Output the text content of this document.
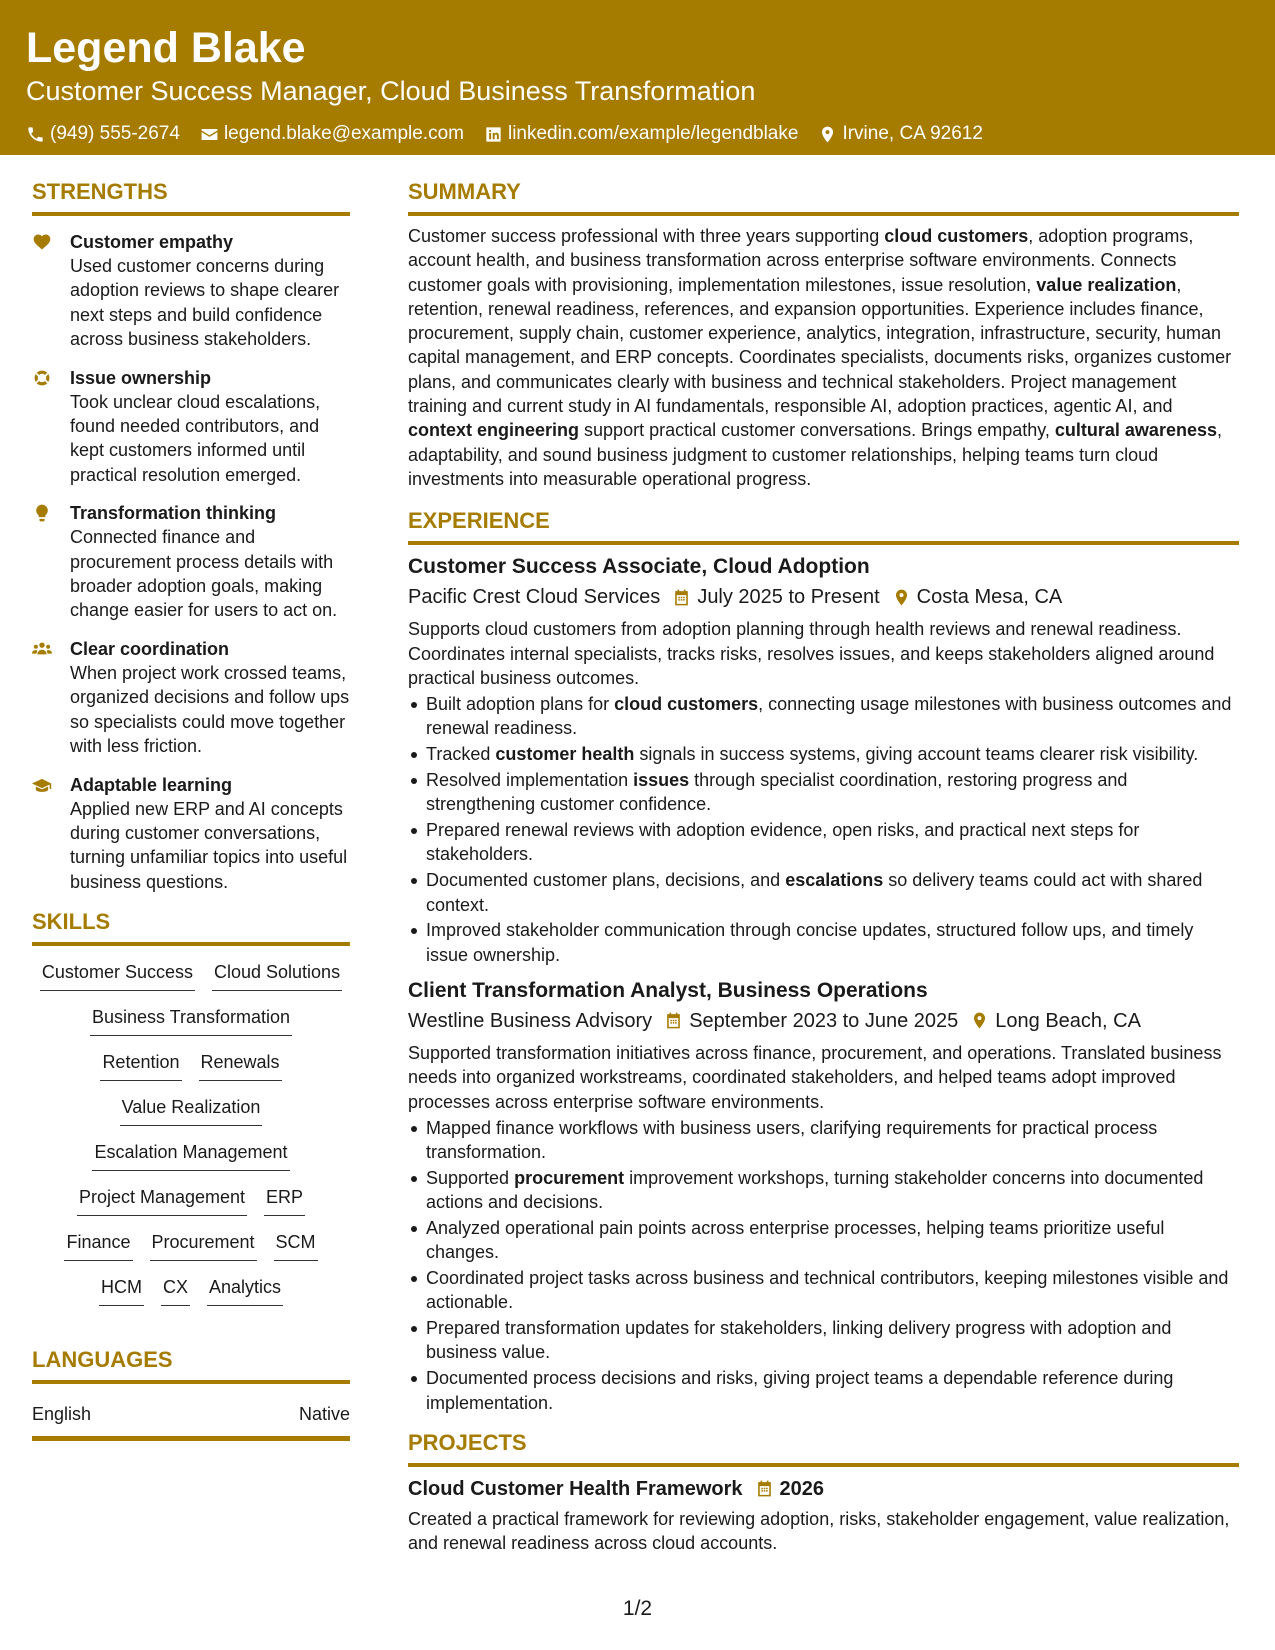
Legend Blake
Customer Success Manager, Cloud Business Transformation
(949) 555-2674 legend.blake@example.com linkedin.com/example/legendblake Irvine, CA 92612
STRENGTHS
Customer empathy
Used customer concerns during adoption reviews to shape clearer next steps and build confidence across business stakeholders.
Issue ownership
Took unclear cloud escalations, found needed contributors, and kept customers informed until practical resolution emerged.
Transformation thinking
Connected finance and procurement process details with broader adoption goals, making change easier for users to act on.
Clear coordination
When project work crossed teams, organized decisions and follow ups so specialists could move together with less friction.
Adaptable learning
Applied new ERP and AI concepts during customer conversations, turning unfamiliar topics into useful business questions.
SKILLS
Customer Success Cloud Solutions
Business Transformation
Retention Renewals
Value Realization
Escalation Management
Project Management ERP
Finance Procurement SCM
HCM CX Analytics
LANGUAGES
English	Native
SUMMARY
Customer success professional with three years supporting cloud customers, adoption programs, account health, and business transformation across enterprise software environments. Connects customer goals with provisioning, implementation milestones, issue resolution, value realization, retention, renewal readiness, references, and expansion opportunities. Experience includes finance, procurement, supply chain, customer experience, analytics, integration, infrastructure, security, human capital management, and ERP concepts. Coordinates specialists, documents risks, organizes customer plans, and communicates clearly with business and technical stakeholders. Project management training and current study in AI fundamentals, responsible AI, adoption practices, agentic AI, and context engineering support practical customer conversations. Brings empathy, cultural awareness, adaptability, and sound business judgment to customer relationships, helping teams turn cloud investments into measurable operational progress.
EXPERIENCE
Customer Success Associate, Cloud Adoption
Pacific Crest Cloud Services July 2025 to Present Costa Mesa, CA
Supports cloud customers from adoption planning through health reviews and renewal readiness. Coordinates internal specialists, tracks risks, resolves issues, and keeps stakeholders aligned around practical business outcomes.
Built adoption plans for cloud customers, connecting usage milestones with business outcomes and renewal readiness.
Tracked customer health signals in success systems, giving account teams clearer risk visibility.
Resolved implementation issues through specialist coordination, restoring progress and strengthening customer confidence.
Prepared renewal reviews with adoption evidence, open risks, and practical next steps for stakeholders.
Documented customer plans, decisions, and escalations so delivery teams could act with shared context.
Improved stakeholder communication through concise updates, structured follow ups, and timely issue ownership.
Client Transformation Analyst, Business Operations
Westline Business Advisory September 2023 to June 2025 Long Beach, CA
Supported transformation initiatives across finance, procurement, and operations. Translated business needs into organized workstreams, coordinated stakeholders, and helped teams adopt improved processes across enterprise software environments.
Mapped finance workflows with business users, clarifying requirements for practical process transformation.
Supported procurement improvement workshops, turning stakeholder concerns into documented actions and decisions.
Analyzed operational pain points across enterprise processes, helping teams prioritize useful changes.
Coordinated project tasks across business and technical contributors, keeping milestones visible and actionable.
Prepared transformation updates for stakeholders, linking delivery progress with adoption and business value.
Documented process decisions and risks, giving project teams a dependable reference during implementation.
PROJECTS
Cloud Customer Health Framework 2026
Created a practical framework for reviewing adoption, risks, stakeholder engagement, value realization, and renewal readiness across cloud accounts.
1/2
